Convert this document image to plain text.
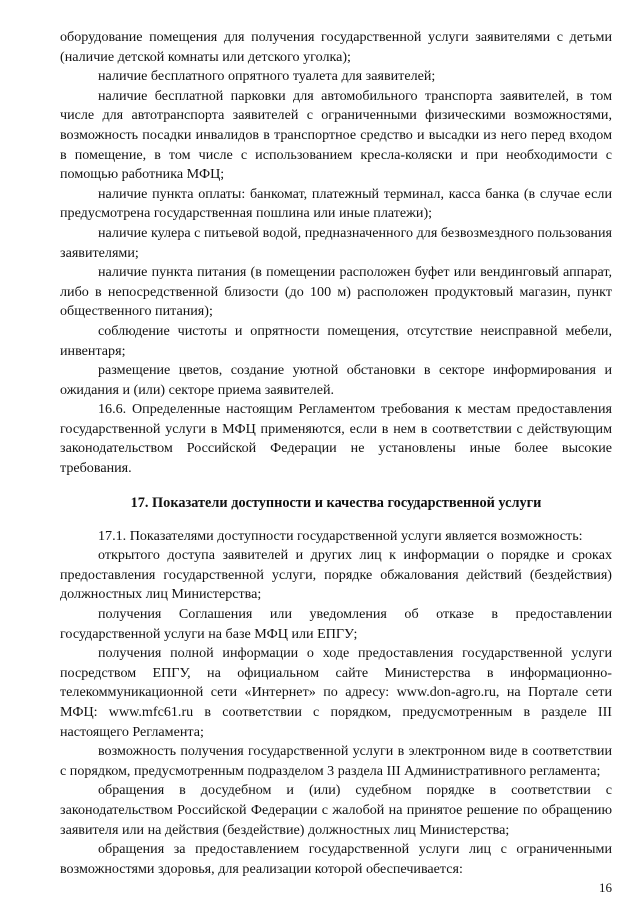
оборудование помещения для получения государственной услуги заявителями с детьми (наличие детской комнаты или детского уголка);

наличие бесплатного опрятного туалета для заявителей;

наличие бесплатной парковки для автомобильного транспорта заявителей, в том числе для автотранспорта заявителей с ограниченными физическими возможностями, возможность посадки инвалидов в транспортное средство и высадки из него перед входом в помещение, в том числе с использованием кресла-коляски и при необходимости с помощью работника МФЦ;

наличие пункта оплаты: банкомат, платежный терминал, касса банка (в случае если предусмотрена государственная пошлина или иные платежи);

наличие кулера с питьевой водой, предназначенного для безвозмездного пользования заявителями;

наличие пункта питания (в помещении расположен буфет или вендинговый аппарат, либо в непосредственной близости (до 100 м) расположен продуктовый магазин, пункт общественного питания);

соблюдение чистоты и опрятности помещения, отсутствие неисправной мебели, инвентаря;

размещение цветов, создание уютной обстановки в секторе информирования и ожидания и (или) секторе приема заявителей.

16.6. Определенные настоящим Регламентом требования к местам предоставления государственной услуги в МФЦ применяются, если в нем в соответствии с действующим законодательством Российской Федерации не установлены иные более высокие требования.

17. Показатели доступности и качества государственной услуги

17.1. Показателями доступности государственной услуги является возможность:

открытого доступа заявителей и других лиц к информации о порядке и сроках предоставления государственной услуги, порядке обжалования действий (бездействия) должностных лиц Министерства;

получения Соглашения или уведомления об отказе в предоставлении государственной услуги на базе МФЦ или ЕПГУ;

получения полной информации о ходе предоставления государственной услуги посредством ЕПГУ, на официальном сайте Министерства в информационно-телекоммуникационной сети «Интернет» по адресу: www.don-agro.ru, на Портале сети МФЦ: www.mfc61.ru в соответствии с порядком, предусмотренным в разделе III настоящего Регламента;

возможность получения государственной услуги в электронном виде в соответствии с порядком, предусмотренным подразделом 3 раздела III Административного регламента;

обращения в досудебном и (или) судебном порядке в соответствии с законодательством Российской Федерации с жалобой на принятое решение по обращению заявителя или на действия (бездействие) должностных лиц Министерства;

обращения за предоставлением государственной услуги лиц с ограниченными возможностями здоровья, для реализации которой обеспечивается:

16
